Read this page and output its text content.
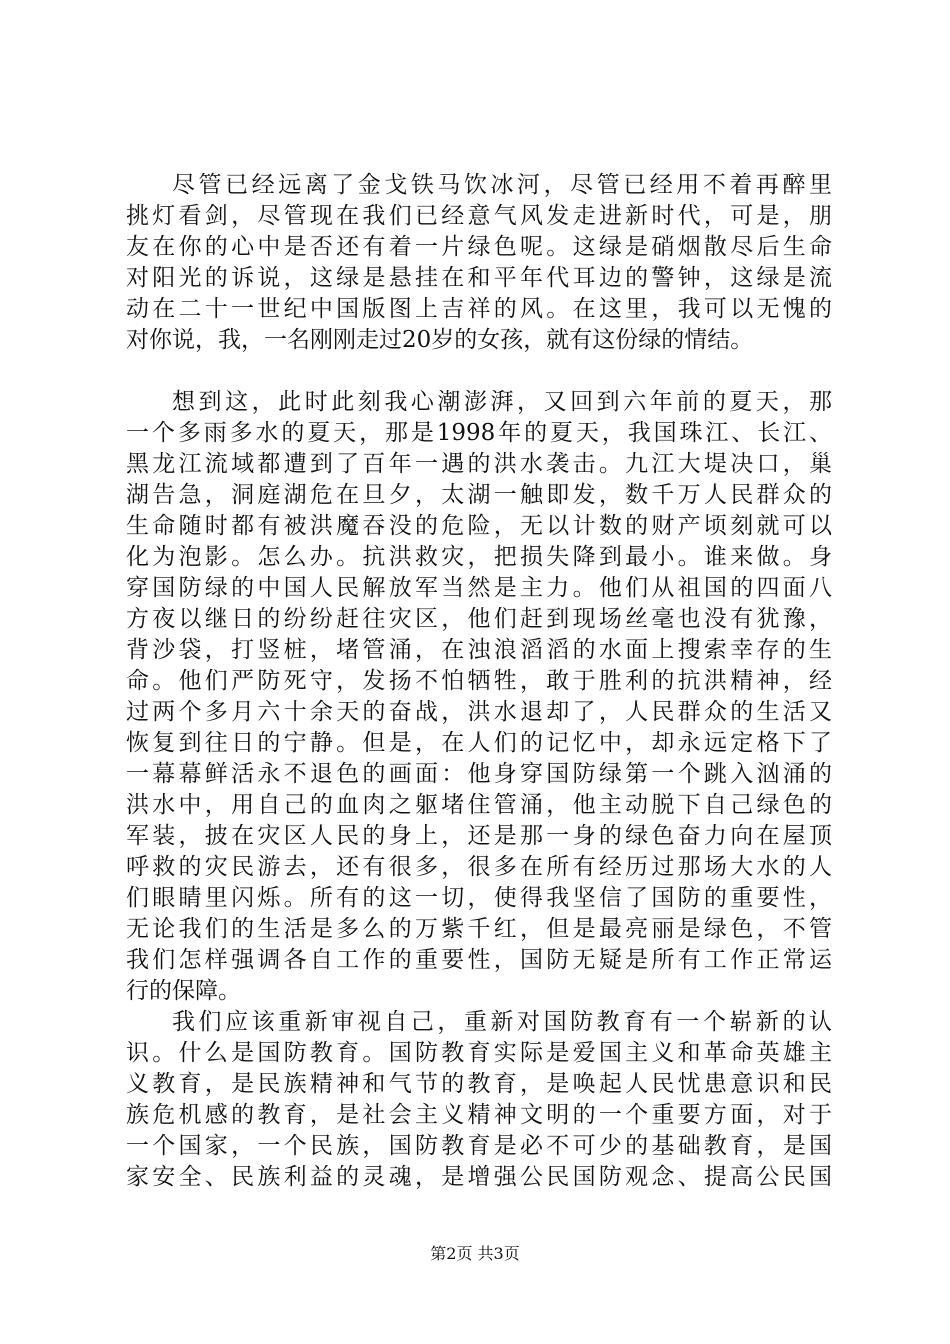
尽管已经远离了金戈铁马饮冰河，尽管已经用不着再醉里
挑灯看剑，尽管现在我们已经意气风发走进新时代，可是，朋
友在你的心中是否还有着一片绿色呢。这绿是硝烟散尽后生命
对阳光的诉说，这绿是悬挂在和平年代耳边的警钟，这绿是流
动在二十一世纪中国版图上吉祥的风。在这里，我可以无愧的
对你说，我，一名刚刚走过20岁的女孩，就有这份绿的情结。
想到这，此时此刻我心潮澎湃，又回到六年前的夏天，那
一个多雨多水的夏天，那是1998年的夏天，我国珠江、长江、
黑龙江流域都遭到了百年一遇的洪水袭击。九江大堤决口，巢
湖告急，洞庭湖危在旦夕，太湖一触即发，数千万人民群众的
生命随时都有被洪魔吞没的危险，无以计数的财产顷刻就可以
化为泡影。怎么办。抗洪救灾，把损失降到最小。谁来做。身
穿国防绿的中国人民解放军当然是主力。他们从祖国的四面八
方夜以继日的纷纷赶往灾区，他们赶到现场丝毫也没有犹豫，
背沙袋，打竖桩，堵管涌，在浊浪滔滔的水面上搜索幸存的生
命。他们严防死守，发扬不怕牺牲，敢于胜利的抗洪精神，经
过两个多月六十余天的奋战，洪水退却了，人民群众的生活又
恢复到往日的宁静。但是，在人们的记忆中，却永远定格下了
一幕幕鲜活永不退色的画面：他身穿国防绿第一个跳入汹涌的
洪水中，用自己的血肉之躯堵住管涌，他主动脱下自己绿色的
军装，披在灾区人民的身上，还是那一身的绿色奋力向在屋顶
呼救的灾民游去，还有很多，很多在所有经历过那场大水的人
们眼睛里闪烁。所有的这一切，使得我坚信了国防的重要性，
无论我们的生活是多么的万紫千红，但是最亮丽是绿色，不管
我们怎样强调各自工作的重要性，国防无疑是所有工作正常运
行的保障。
我们应该重新审视自己，重新对国防教育有一个崭新的认
识。什么是国防教育。国防教育实际是爱国主义和革命英雄主
义教育，是民族精神和气节的教育，是唤起人民忧患意识和民
族危机感的教育，是社会主义精神文明的一个重要方面，对于
一个国家，一个民族，国防教育是必不可少的基础教育，是国
家安全、民族利益的灵魂，是增强公民国防观念、提高公民国
第2页 共3页
